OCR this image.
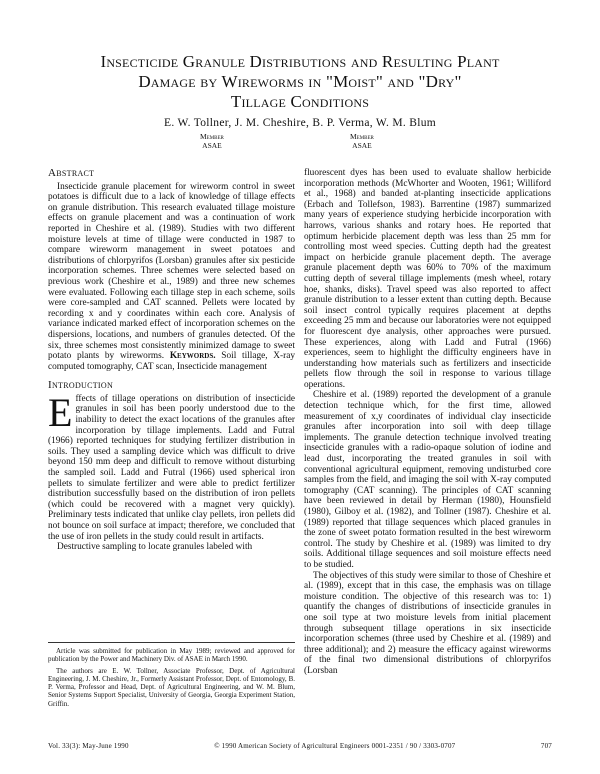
Insecticide Granule Distributions and Resulting Plant
Damage by Wireworms in "Moist" and "Dry"
Tillage Conditions
E. W. Tollner, J. M. Cheshire, B. P. Verma, W. M. Blum
Member
ASAE
Member
ASAE
Abstract

Insecticide granule placement for wireworm control in sweet potatoes is difficult due to a lack of knowledge of tillage effects on granule distribution. This research evaluated tillage moisture effects on granule placement and was a continuation of work reported in Cheshire et al. (1989). Studies with two different moisture levels at time of tillage were conducted in 1987 to compare wireworm management in sweet potatoes and distributions of chlorpyrifos (Lorsban) granules after six pesticide incorporation schemes. Three schemes were selected based on previous work (Cheshire et al., 1989) and three new schemes were evaluated. Following each tillage step in each scheme, soils were core-sampled and CAT scanned. Pellets were located by recording x and y coordinates within each core. Analysis of variance indicated marked effect of incorporation schemes on the dispersions, locations, and numbers of granules detected. Of the six, three schemes most consistently minimized damage to sweet potato plants by wireworms. Keywords. Soil tillage, X-ray computed tomography, CAT scan, Insecticide management

Introduction

Effects of tillage operations on distribution of insecticide granules in soil has been poorly understood due to the inability to detect the exact locations of the granules after incorporation by tillage implements. Ladd and Futral (1966) reported techniques for studying fertilizer distribution in soils. They used a sampling device which was difficult to drive beyond 150 mm deep and difficult to remove without disturbing the sampled soil. Ladd and Futral (1966) used spherical iron pellets to simulate fertilizer and were able to predict fertilizer distribution successfully based on the distribution of iron pellets (which could be recovered with a magnet very quickly). Preliminary tests indicated that unlike clay pellets, iron pellets did not bounce on soil surface at impact; therefore, we concluded that the use of iron pellets in the study could result in artifacts.

Destructive sampling to locate granules labeled with

Article was submitted for publication in May 1989; reviewed and approved for publication by the Power and Machinery Div. of ASAE in March 1990.

The authors are E. W. Tollner, Associate Professor, Dept. of Agricultural Engineering, J. M. Cheshire, Jr., Formerly Assistant Professor, Dept. of Entomology, B. P. Verma, Professor and Head, Dept. of Agricultural Engineering, and W. M. Blum, Senior Systems Support Specialist, University of Georgia, Georgia Experiment Station, Griffin.

fluorescent dyes has been used to evaluate shallow herbicide incorporation methods (McWhorter and Wooten, 1961; Williford et al., 1968) and banded at-planting insecticide applications (Erbach and Tollefson, 1983). Barrentine (1987) summarized many years of experience studying herbicide incorporation with harrows, various shanks and rotary hoes. He reported that optimum herbicide placement depth was less than 25 mm for controlling most weed species. Cutting depth had the greatest impact on herbicide granule placement depth. The average granule placement depth was 60% to 70% of the maximum cutting depth of several tillage implements (mesh wheel, rotary hoe, shanks, disks). Travel speed was also reported to affect granule distribution to a lesser extent than cutting depth. Because soil insect control typically requires placement at depths exceeding 25 mm and because our laboratories were not equipped for fluorescent dye analysis, other approaches were pursued. These experiences, along with Ladd and Futral (1966) experiences, seem to highlight the difficulty engineers have in understanding how materials such as fertilizers and insecticide pellets flow through the soil in response to various tillage operations.

Cheshire et al. (1989) reported the development of a granule detection technique which, for the first time, allowed measurement of x,y coordinates of individual clay insecticide granules after incorporation into soil with deep tillage implements. The granule detection technique involved treating insecticide granules with a radio-opaque solution of iodine and lead dust, incorporating the treated granules in soil with conventional agricultural equipment, removing undisturbed core samples from the field, and imaging the soil with X-ray computed tomography (CAT scanning). The principles of CAT scanning have been reviewed in detail by Herman (1980), Hounsfield (1980), Gilboy et al. (1982), and Tollner (1987). Cheshire et al. (1989) reported that tillage sequences which placed granules in the zone of sweet potato formation resulted in the best wireworm control. The study by Cheshire et al. (1989) was limited to dry soils. Additional tillage sequences and soil moisture effects need to be studied.

The objectives of this study were similar to those of Cheshire et al. (1989), except that in this case, the emphasis was on tillage moisture condition. The objective of this research was to: 1) quantify the changes of distributions of insecticide granules in one soil type at two moisture levels from initial placement through subsequent tillage operations in six insecticide incorporation schemes (three used by Cheshire et al. (1989) and three additional); and 2) measure the efficacy against wireworms of the final two dimensional distributions of chlorpyrifos (Lorsban

Vol. 33(3): May-June 1990	© 1990 American Society of Agricultural Engineers 0001-2351 / 90 / 3303-0707	707
